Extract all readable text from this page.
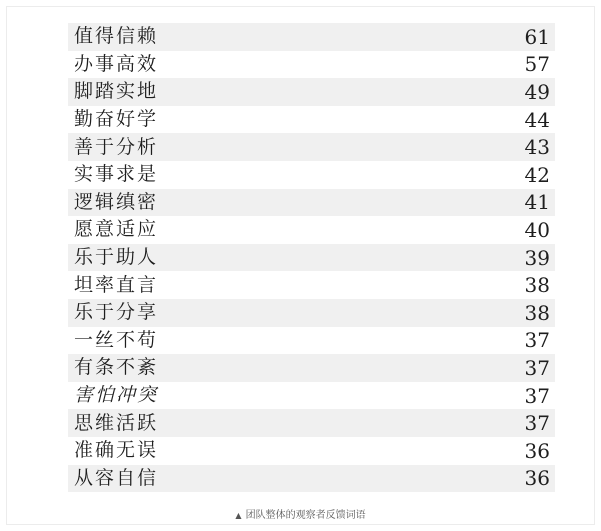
值得信赖	61
办事高效	57
脚踏实地	49
勤奋好学	44
善于分析	43
实事求是	42
逻辑缜密	41
愿意适应	40
乐于助人	39
坦率直言	38
乐于分享	38
一丝不苟	37
有条不紊	37
害怕冲突	37
思维活跃	37
准确无误	36
从容自信	36
▲ 团队整体的观察者反馈词语
